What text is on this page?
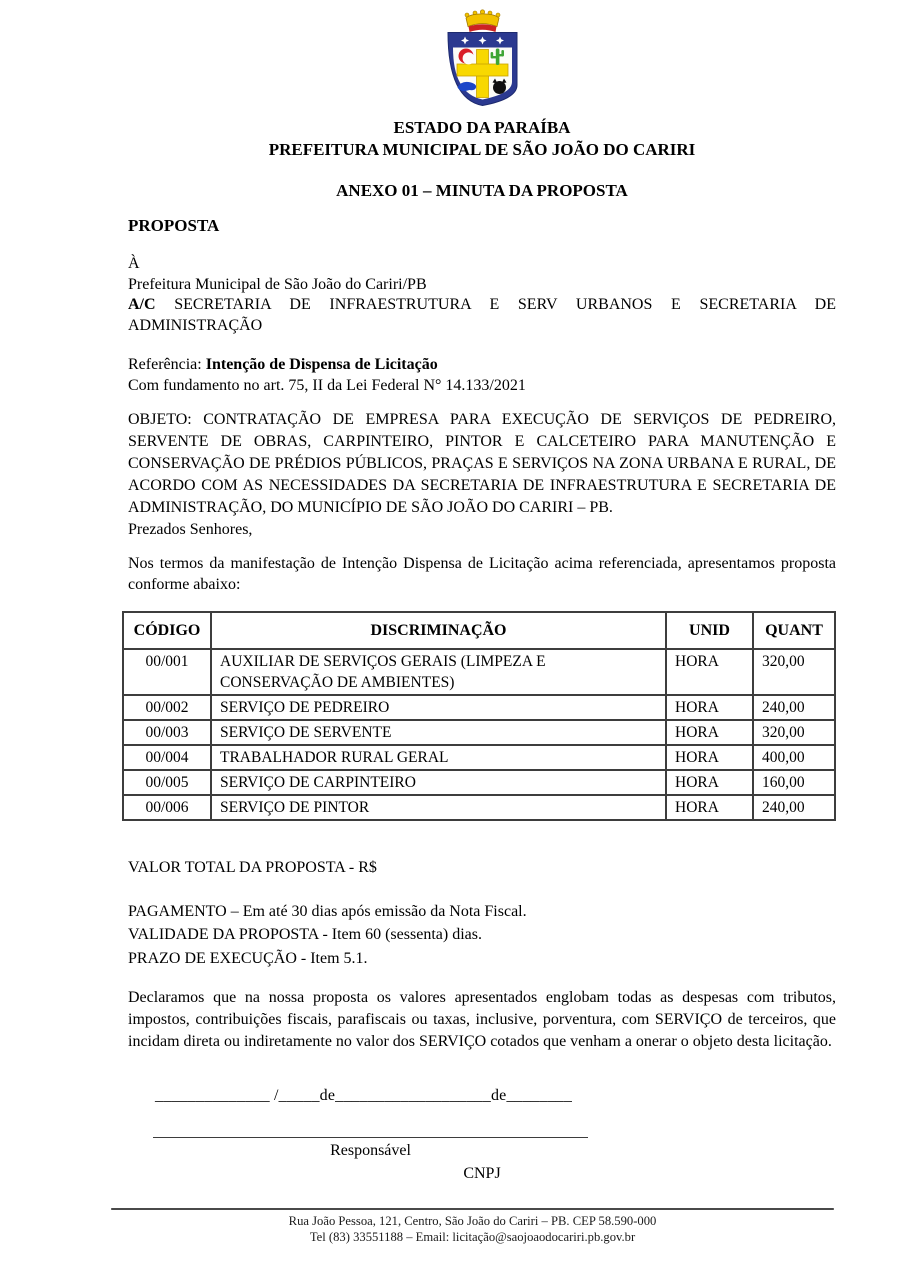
ESTADO DA PARAÍBA
PREFEITURA MUNICIPAL DE SÃO JOÃO DO CARIRI
ANEXO 01 – MINUTA DA PROPOSTA
PROPOSTA

À

Prefeitura Municipal de São João do Cariri/PB

A/C SECRETARIA DE INFRAESTRUTURA E SERV URBANOS E SECRETARIA DE ADMINISTRAÇÃO

Referência: Intenção de Dispensa de Licitação

Com fundamento no art. 75, II da Lei Federal N° 14.133/2021

OBJETO: CONTRATAÇÃO DE EMPRESA PARA EXECUÇÃO DE SERVIÇOS DE PEDREIRO, SERVENTE DE OBRAS, CARPINTEIRO, PINTOR E CALCETEIRO PARA MANUTENÇÃO E CONSERVAÇÃO DE PRÉDIOS PÚBLICOS, PRAÇAS E SERVIÇOS NA ZONA URBANA E RURAL, DE ACORDO COM AS NECESSIDADES DA SECRETARIA DE INFRAESTRUTURA E SECRETARIA DE ADMINISTRAÇÃO, DO MUNICÍPIO DE SÃO JOÃO DO CARIRI – PB.
Prezados Senhores,

Nos termos da manifestação de Intenção Dispensa de Licitação acima referenciada, apresentamos proposta conforme abaixo:

CÓDIGO	DISCRIMINAÇÃO	UNID	QUANT
00/001	AUXILIAR DE SERVIÇOS GERAIS (LIMPEZA E CONSERVAÇÃO DE AMBIENTES)	HORA	320,00
00/002	SERVIÇO DE PEDREIRO	HORA	240,00
00/003	SERVIÇO DE SERVENTE	HORA	320,00
00/004	TRABALHADOR RURAL GERAL	HORA	400,00
00/005	SERVIÇO DE CARPINTEIRO	HORA	160,00
00/006	SERVIÇO DE PINTOR	HORA	240,00

VALOR TOTAL DA PROPOSTA - R$

PAGAMENTO – Em até 30 dias após emissão da Nota Fiscal.

VALIDADE DA PROPOSTA - Item 60 (sessenta) dias.

PRAZO DE EXECUÇÃO - Item 5.1.

Declaramos que na nossa proposta os valores apresentados englobam todas as despesas com tributos, impostos, contribuições fiscais, parafiscais ou taxas, inclusive, porventura, com SERVIÇO de terceiros, que incidam direta ou indiretamente no valor dos SERVIÇO cotados que venham a onerar o objeto desta licitação.

______________ /_____de___________________de________

Responsável
CNPJ
Rua João Pessoa, 121, Centro, São João do Cariri – PB. CEP 58.590-000
Tel (83) 33551188 – Email: licitação@saojoaodocariri.pb.gov.br
